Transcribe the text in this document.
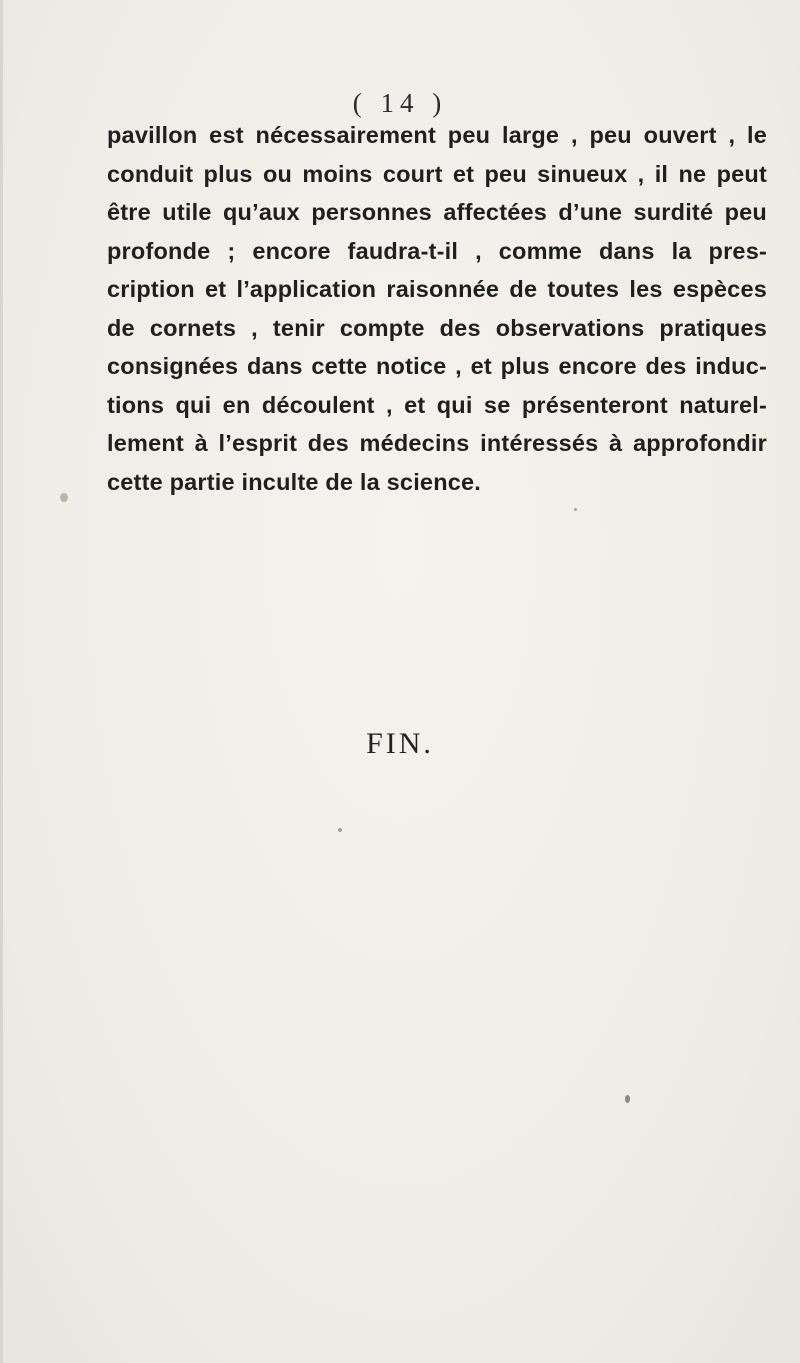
( 14 )
pavillon est nécessairement peu large , peu ouvert , le
conduit plus ou moins court et peu sinueux , il ne peut
être utile qu’aux personnes affectées d’une surdité peu
profonde ; encore faudra-t-il , comme dans la pres-
cription et l’application raisonnée de toutes les espèces
de cornets , tenir compte des observations pratiques
consignées dans cette notice , et plus encore des induc-
tions qui en découlent , et qui se présenteront naturel-
lement à l’esprit des médecins intéressés à approfondir
cette partie inculte de la science.
FIN.
